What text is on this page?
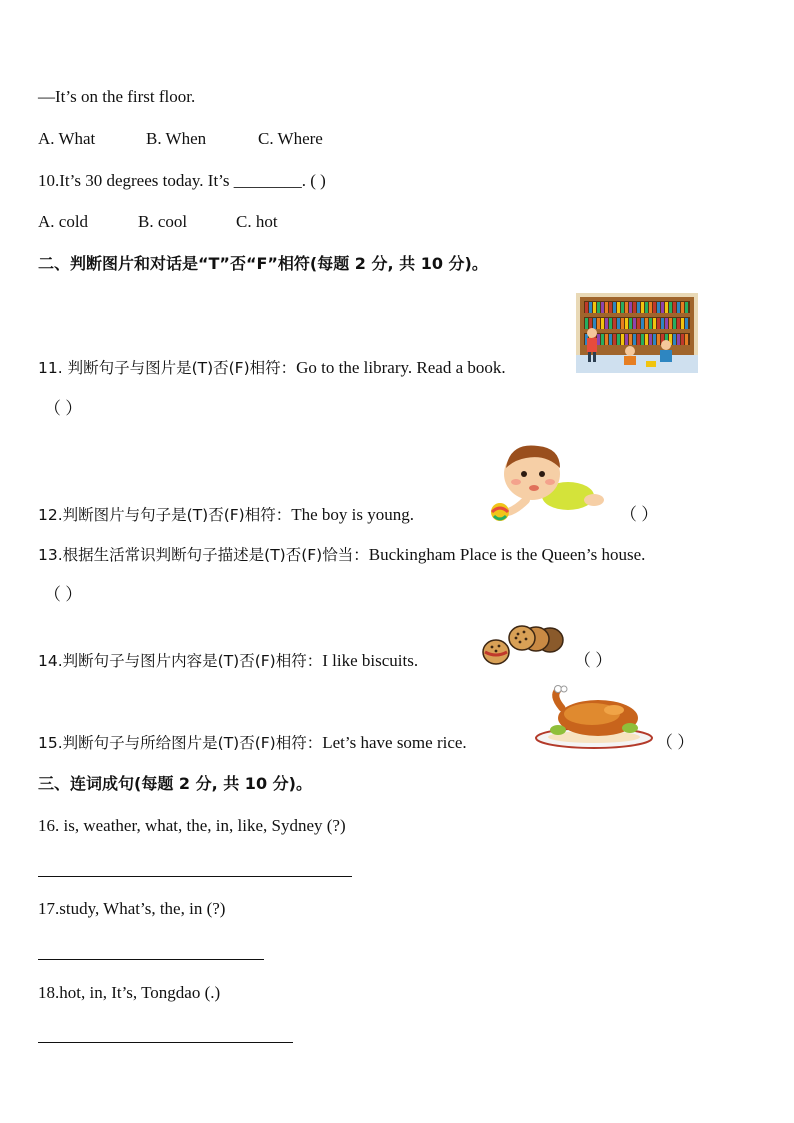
—It’s on the first floor.
A. What	B. When	C. Where
10.It’s 30 degrees today. It’s ________. ( )
A. cold	B. cool	C. hot
二、判断图片和对话是“T”否“F”相符(每题 2 分, 共 10 分)。
11. 判断句子与图片是(T)否(F)相符：Go to the library. Read a book.
（ ）
12.判断图片与句子是(T)否(F)相符：The boy is young.	（ ）
13.根据生活常识判断句子描述是(T)否(F)恰当：Buckingham Place is the Queen’s house.
（ ）
14.判断句子与图片内容是(T)否(F)相符：I like biscuits.	（ ）
15.判断句子与所给图片是(T)否(F)相符：Let’s have some rice.	（ ）
三、连词成句(每题 2 分, 共 10 分)。
16. is, weather, what, the, in, like, Sydney (?)
17.study, What’s, the, in (?)
18.hot, in, It’s, Tongdao (.)
